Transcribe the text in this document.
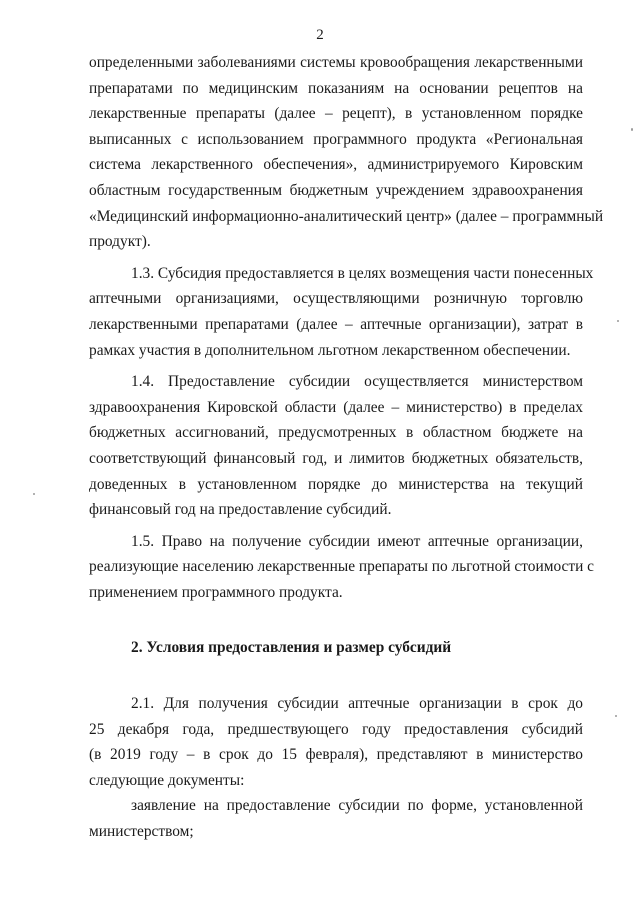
2
определенными заболеваниями системы кровообращения лекарственными
препаратами по медицинским показаниям на основании рецептов на
лекарственные препараты (далее – рецепт), в установленном порядке
выписанных с использованием программного продукта «Региональная
система лекарственного обеспечения», администрируемого Кировским
областным государственным бюджетным учреждением здравоохранения
«Медицинский информационно-аналитический центр» (далее – программный
продукт).
1.3. Субсидия предоставляется в целях возмещения части понесенных
аптечными организациями, осуществляющими розничную торговлю
лекарственными препаратами (далее – аптечные организации), затрат в
рамках участия в дополнительном льготном лекарственном обеспечении.
1.4. Предоставление субсидии осуществляется министерством
здравоохранения Кировской области (далее – министерство) в пределах
бюджетных ассигнований, предусмотренных в областном бюджете на
соответствующий финансовый год, и лимитов бюджетных обязательств,
доведенных в установленном порядке до министерства на текущий
финансовый год на предоставление субсидий.
1.5. Право на получение субсидии имеют аптечные организации,
реализующие населению лекарственные препараты по льготной стоимости с
применением программного продукта.
2. Условия предоставления и размер субсидий
2.1. Для получения субсидии аптечные организации в срок до
25 декабря года, предшествующего году предоставления субсидий
(в 2019 году – в срок до 15 февраля), представляют в министерство
следующие документы:
заявление на предоставление субсидии по форме, установленной
министерством;
